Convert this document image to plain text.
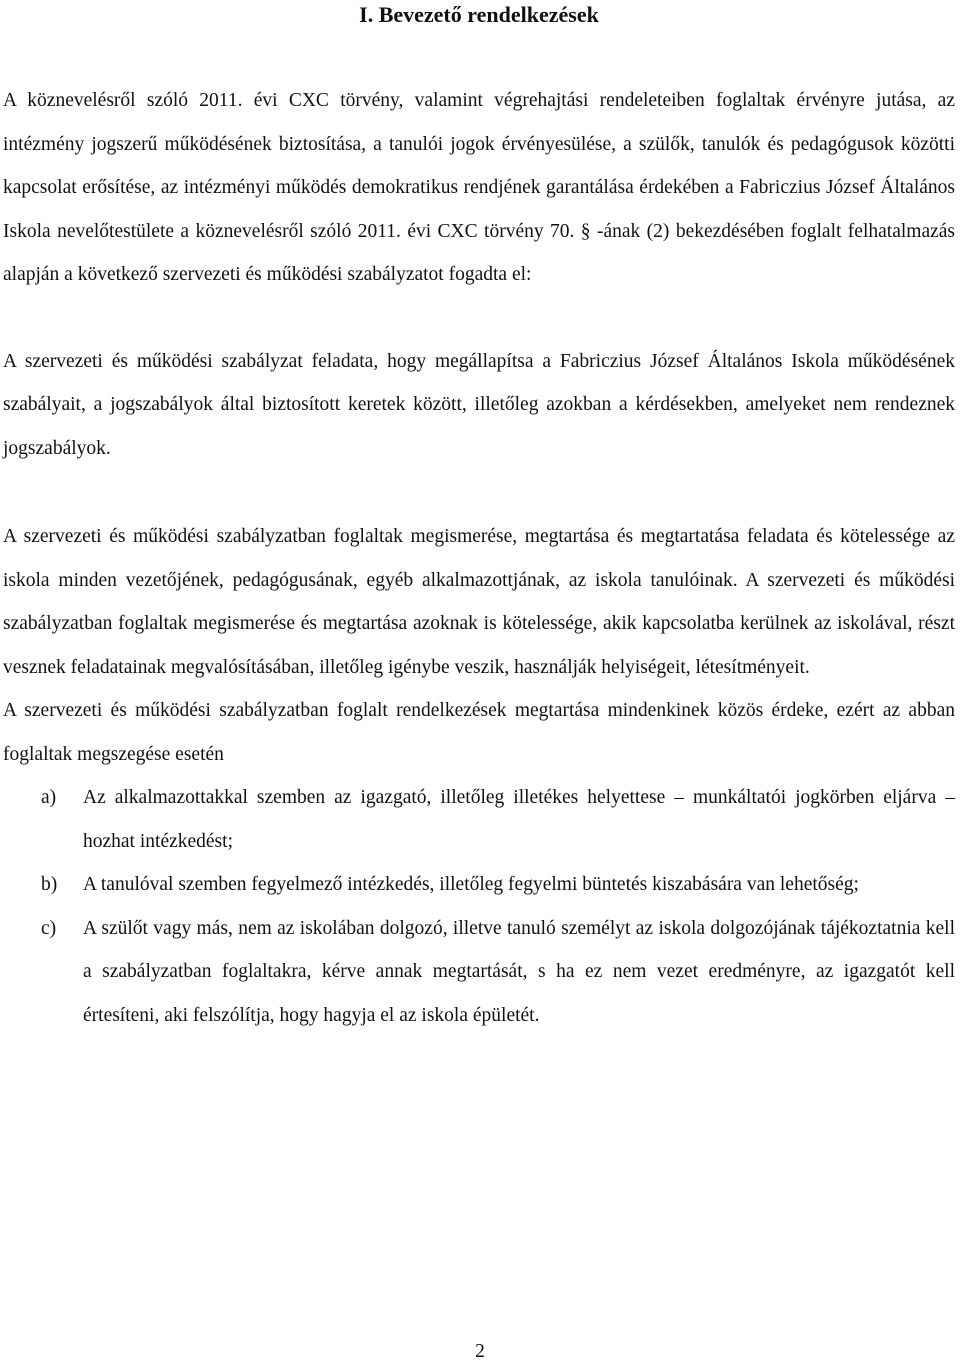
I. Bevezető rendelkezések

A köznevelésről szóló 2011. évi CXC törvény, valamint végrehajtási rendeleteiben foglaltak érvényre jutása, az intézmény jogszerű működésének biztosítása, a tanulói jogok érvényesülése, a szülők, tanulók és pedagógusok közötti kapcsolat erősítése, az intézményi működés demokratikus rendjének garantálása érdekében a Fabriczius József Általános Iskola nevelőtestülete a köznevelésről szóló 2011. évi CXC törvény 70. § -ának (2) bekezdésében foglalt felhatalmazás alapján a következő szervezeti és működési szabályzatot fogadta el:

A szervezeti és működési szabályzat feladata, hogy megállapítsa a Fabriczius József Általános Iskola működésének szabályait, a jogszabályok által biztosított keretek között, illetőleg azokban a kérdésekben, amelyeket nem rendeznek jogszabályok.

A szervezeti és működési szabályzatban foglaltak megismerése, megtartása és megtartatása feladata és kötelessége az iskola minden vezetőjének, pedagógusának, egyéb alkalmazottjának, az iskola tanulóinak. A szervezeti és működési szabályzatban foglaltak megismerése és megtartása azoknak is kötelessége, akik kapcsolatba kerülnek az iskolával, részt vesznek feladatainak megvalósításában, illetőleg igénybe veszik, használják helyiségeit, létesítményeit.

A szervezeti és működési szabályzatban foglalt rendelkezések megtartása mindenkinek közös érdeke, ezért az abban foglaltak megszegése esetén

a) Az alkalmazottakkal szemben az igazgató, illetőleg illetékes helyettese – munkáltatói jogkörben eljárva – hozhat intézkedést;
b) A tanulóval szemben fegyelmező intézkedés, illetőleg fegyelmi büntetés kiszabására van lehetőség;
c) A szülőt vagy más, nem az iskolában dolgozó, illetve tanuló személyt az iskola dolgozójának tájékoztatnia kell a szabályzatban foglaltakra, kérve annak megtartását, s ha ez nem vezet eredményre, az igazgatót kell értesíteni, aki felszólítja, hogy hagyja el az iskola épületét.
2
